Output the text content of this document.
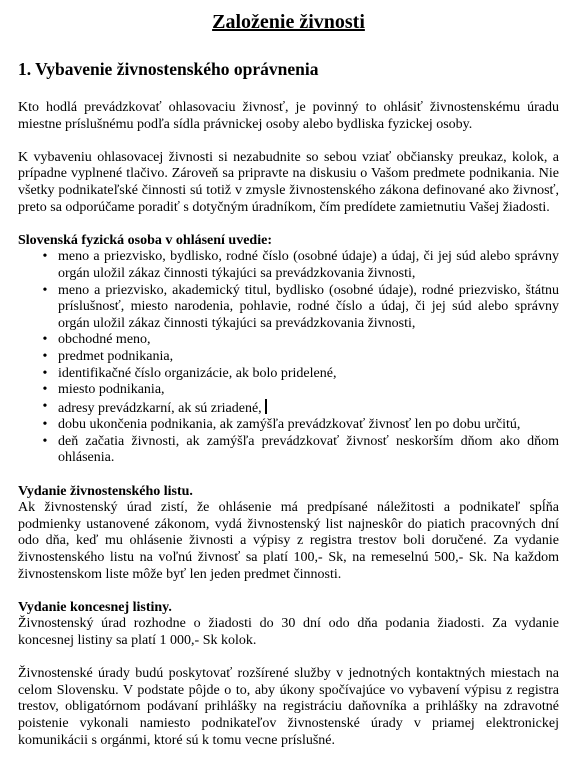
Založenie živnosti
1. Vybavenie živnostenského oprávnenia

Kto hodlá prevádzkovať ohlasovaciu živnosť, je povinný to ohlásiť živnostenskému úradu miestne príslušnému podľa sídla právnickej osoby alebo bydliska fyzickej osoby.

K vybaveniu ohlasovacej živnosti si nezabudnite so sebou vziať občiansky preukaz, kolok, a prípadne vyplnené tlačivo. Zároveň sa pripravte na diskusiu o Vašom predmete podnikania. Nie všetky podnikateľské činnosti sú totiž v zmysle živnostenského zákona definované ako živnosť, preto sa odporúčame poradiť s dotyčným úradníkom, čím predídete zamietnutiu Vašej žiadosti.

Slovenská fyzická osoba v ohlásení uvedie:

• meno a priezvisko, bydlisko, rodné číslo (osobné údaje) a údaj, či jej súd alebo správny orgán uložil zákaz činnosti týkajúci sa prevádzkovania živnosti,
• meno a priezvisko, akademický titul, bydlisko (osobné údaje), rodné priezvisko, štátnu príslušnosť, miesto narodenia, pohlavie, rodné číslo a údaj, či jej súd alebo správny orgán uložil zákaz činnosti týkajúci sa prevádzkovania živnosti,
• obchodné meno,
• predmet podnikania,
• identifikačné číslo organizácie, ak bolo pridelené,
• miesto podnikania,
• adresy prevádzkarní, ak sú zriadené,
• dobu ukončenia podnikania, ak zamýšľa prevádzkovať živnosť len po dobu určitú,
• deň začatia živnosti, ak zamýšľa prevádzkovať živnosť neskorším dňom ako dňom ohlásenia.

Vydanie živnostenského listu.

Ak živnostenský úrad zistí, že ohlásenie má predpísané náležitosti a podnikateľ spĺňa podmienky ustanovené zákonom, vydá živnostenský list najneskôr do piatich pracovných dní odo dňa, keď mu ohlásenie živnosti a výpisy z registra trestov boli doručené. Za vydanie živnostenského listu na voľnú živnosť sa platí 100,- Sk, na remeselnú 500,- Sk. Na každom živnostenskom liste môže byť len jeden predmet činnosti.

Vydanie koncesnej listiny.

Živnostenský úrad rozhodne o žiadosti do 30 dní odo dňa podania žiadosti. Za vydanie koncesnej listiny sa platí 1 000,- Sk kolok.

Živnostenské úrady budú poskytovať rozšírené služby v jednotných kontaktných miestach na celom Slovensku. V podstate pôjde o to, aby úkony spočívajúce vo vybavení výpisu z registra trestov, obligatórnom podávaní prihlášky na registráciu daňovníka a prihlášky na zdravotné poistenie vykonali namiesto podnikateľov živnostenské úrady v priamej elektronickej komunikácii s orgánmi, ktoré sú k tomu vecne príslušné.
